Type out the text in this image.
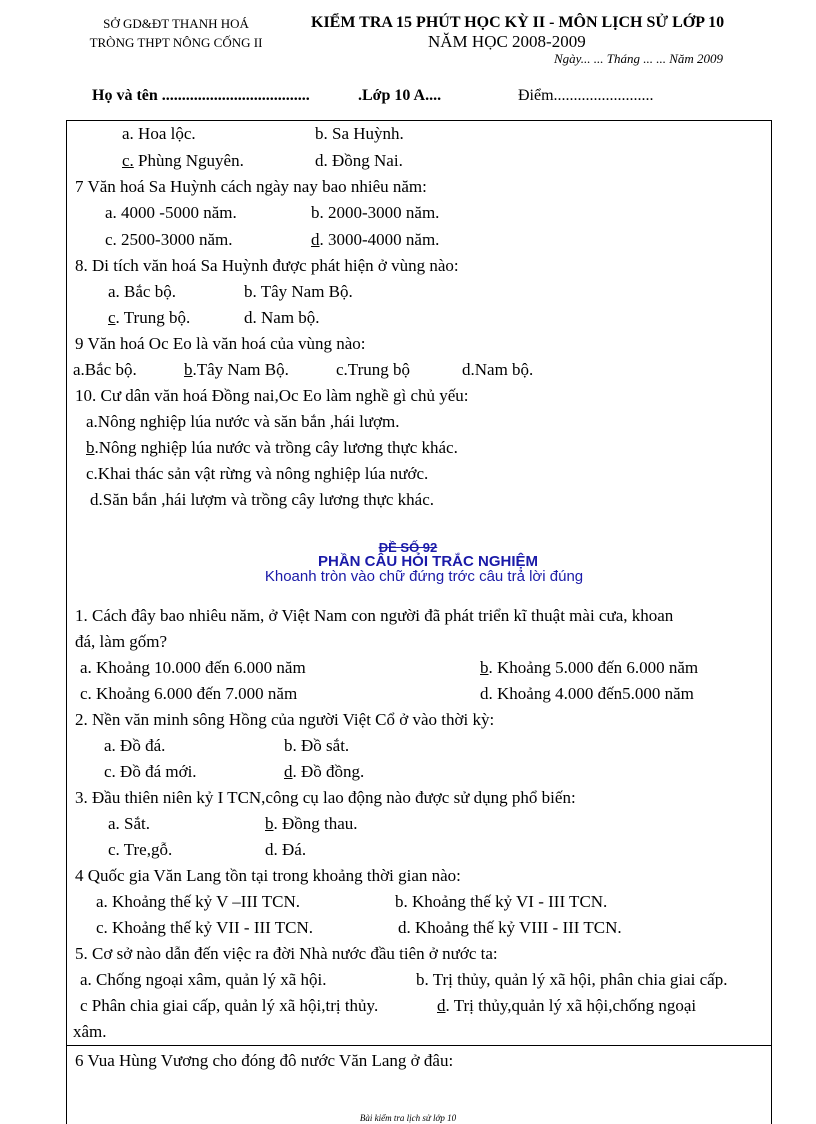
SỞ GD&ĐT THANH HOÁ
TRÒNG THPT NÔNG CỐNG II
KIỂM TRA 15 PHÚT HỌC KỲ II - MÔN LỊCH SỬ LỚP 10
NĂM HỌC 2008-2009
Ngày... ... Tháng ... ... Năm 2009
Họ và tên .....................................	.Lớp 10 A....	Điểm.........................
a. Hoa lộc.	b. Sa Huỳnh.
c. Phùng Nguyên.	d. Đồng Nai.
7 Văn hoá Sa Huỳnh cách ngày nay bao nhiêu năm:
a. 4000 -5000 năm.	b. 2000-3000 năm.
c. 2500-3000 năm.	d. 3000-4000 năm.
8. Di tích văn hoá Sa Huỳnh được phát hiện ở vùng nào:
a. Bắc bộ.	b. Tây Nam Bộ.
c. Trung bộ.	d. Nam bộ.
9 Văn hoá Oc Eo là văn hoá của vùng nào:
a.Bắc bộ.	b.Tây Nam Bộ.	c.Trung bộ	d.Nam bộ.
10. Cư dân văn hoá Đồng nai,Oc Eo làm nghề gì chủ yếu:
a.Nông nghiệp lúa nước và săn bắn ,hái lượm.
b.Nông nghiệp lúa nước và trồng cây lương thực khác.
c.Khai thác sản vật rừng và nông nghiệp lúa nước.
d.Săn bắn ,hái lượm và trồng cây lương thực khác.
ĐỀ SỐ 92
PHẦN CÂU HỎI TRẮC NGHIỆM
Khoanh tròn vào chữ đứng trớc câu trả lời đúng
1. Cách đây bao nhiêu năm, ở Việt Nam con người đã phát triển kĩ thuật mài cưa, khoan
đá, làm gốm?
a. Khoảng 10.000 đến 6.000 năm	b. Khoảng 5.000 đến 6.000 năm
c. Khoảng 6.000 đến 7.000 năm	d. Khoảng 4.000 đến5.000 năm
2. Nền văn minh sông Hồng của người Việt Cổ ở vào thời kỳ:
a. Đồ đá.	b. Đồ sắt.
c. Đồ đá mới.	d. Đồ đồng.
3. Đầu thiên niên kỷ I TCN,công cụ lao động nào được sử dụng phổ biến:
a. Sắt.	b. Đồng thau.
c. Tre,gỗ.	d. Đá.
4 Quốc gia Văn Lang tồn tại trong khoảng thời gian nào:
a. Khoảng thế kỷ V –III TCN.	b. Khoảng thế kỷ VI - III TCN.
c. Khoảng thế kỷ VII - III TCN.	d. Khoảng thế kỷ VIII - III TCN.
5. Cơ sở nào dẫn đến việc ra đời Nhà nước đầu tiên ở nước ta:
a. Chống ngoại xâm, quản lý xã hội.	b. Trị thủy, quản lý xã hội, phân chia giai cấp.
c Phân chia giai cấp, quản lý xã hội,trị thủy.	d. Trị thủy,quản lý xã hội,chống ngoại
xâm.
6 Vua Hùng Vương cho đóng đô nước Văn Lang ở đâu:
Bài kiểm tra lịch sử lớp 10
